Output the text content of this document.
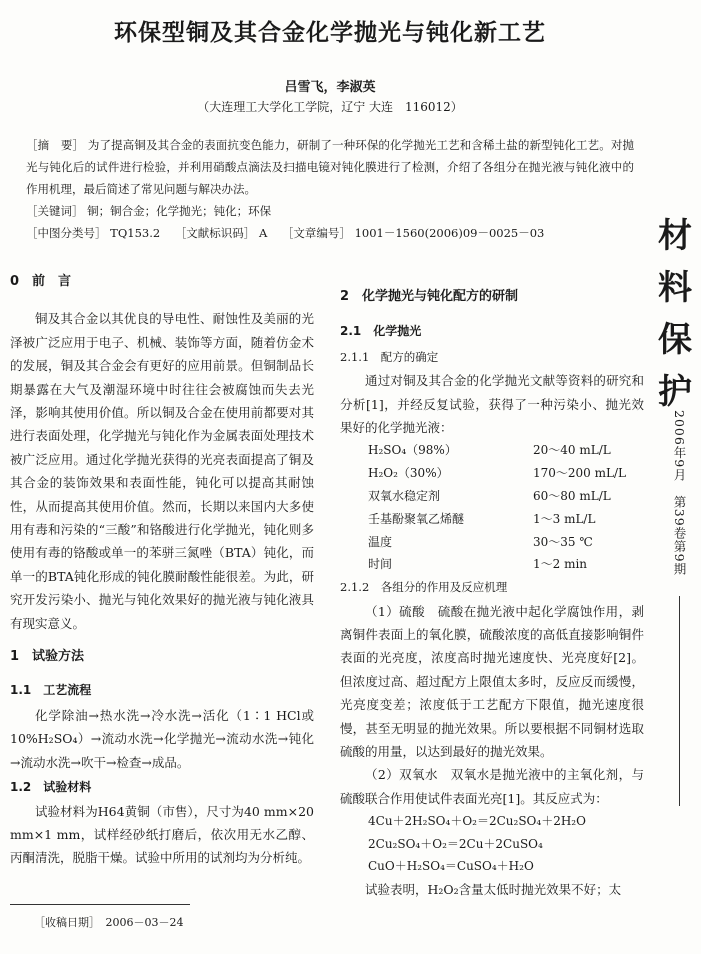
环保型铜及其合金化学抛光与钝化新工艺
吕雪飞，李淑英
（大连理工大学化工学院，辽宁 大连　116012）

［摘　要］ 为了提高铜及其合金的表面抗变色能力，研制了一种环保的化学抛光工艺和含稀土盐的新型钝化工艺。对抛光与钝化后的试件进行检验，并利用硝酸点滴法及扫描电镜对钝化膜进行了检测，介绍了各组分在抛光液与钝化液中的作用机理，最后简述了常见问题与解决办法。

［关键词］ 铜；铜合金；化学抛光；钝化；环保

［中图分类号］ TQ153.2 ［文献标识码］ A ［文章编号］ 1001－1560(2006)09－0025－03	材料保护
2006年9月　第39卷第9期
0　前　言

铜及其合金以其优良的导电性、耐蚀性及美丽的光泽被广泛应用于电子、机械、装饰等方面，随着仿金术的发展，铜及其合金会有更好的应用前景。但铜制品长期暴露在大气及潮湿环境中时往往会被腐蚀而失去光泽，影响其使用价值。所以铜及合金在使用前都要对其进行表面处理，化学抛光与钝化作为金属表面处理技术被广泛应用。通过化学抛光获得的光亮表面提高了铜及其合金的装饰效果和表面性能，钝化可以提高其耐蚀性，从而提高其使用价值。然而，长期以来国内大多使用有毒和污染的“三酸”和铬酸进行化学抛光，钝化则多使用有毒的铬酸或单一的苯骈三氮唑（BTA）钝化，而单一的BTA钝化形成的钝化膜耐酸性能很差。为此，研究开发污染小、抛光与钝化效果好的抛光液与钝化液具有现实意义。

1　试验方法
1.1　工艺流程

化学除油→热水洗→冷水洗→活化（1∶1 HCl或10%H₂SO₄）→流动水洗→化学抛光→流动水洗→钝化→流动水洗→吹干→检查→成品。

1.2　试验材料

试验材料为H64黄铜（市售），尺寸为40 mm×20 mm×1 mm，试样经砂纸打磨后，依次用无水乙醇、丙酮清洗，脱脂干燥。试验中所用的试剂均为分析纯。

［收稿日期］　2006－03－24
2　化学抛光与钝化配方的研制
2.1　化学抛光
2.1.1　配方的确定

通过对铜及其合金的化学抛光文献等资料的研究和分析[1]，并经反复试验，获得了一种污染小、抛光效果好的化学抛光液：

H₂SO₄（98%）	20～40 mL/L
H₂O₂（30%）	170～200 mL/L
双氧水稳定剂	60～80 mL/L
壬基酚聚氧乙烯醚	1～3 mL/L
温度	30～35 ℃
时间	1～2 min
2.1.2　各组分的作用及反应机理

（1）硫酸　硫酸在抛光液中起化学腐蚀作用，剥离铜件表面上的氧化膜，硫酸浓度的高低直接影响铜件表面的光亮度，浓度高时抛光速度快、光亮度好[2]。但浓度过高、超过配方上限值太多时，反应反而缓慢，光亮度变差；浓度低于工艺配方下限值，抛光速度很慢，甚至无明显的抛光效果。所以要根据不同铜材选取硫酸的用量，以达到最好的抛光效果。

（2）双氧水　双氧水是抛光液中的主氧化剂，与硫酸联合作用使试件表面光亮[1]。其反应式为：

4Cu＋2H₂SO₄＋O₂＝2Cu₂SO₄＋2H₂O
2Cu₂SO₄＋O₂＝2Cu＋2CuSO₄
CuO＋H₂SO₄＝CuSO₄＋H₂O

试验表明，H₂O₂含量太低时抛光效果不好；太
